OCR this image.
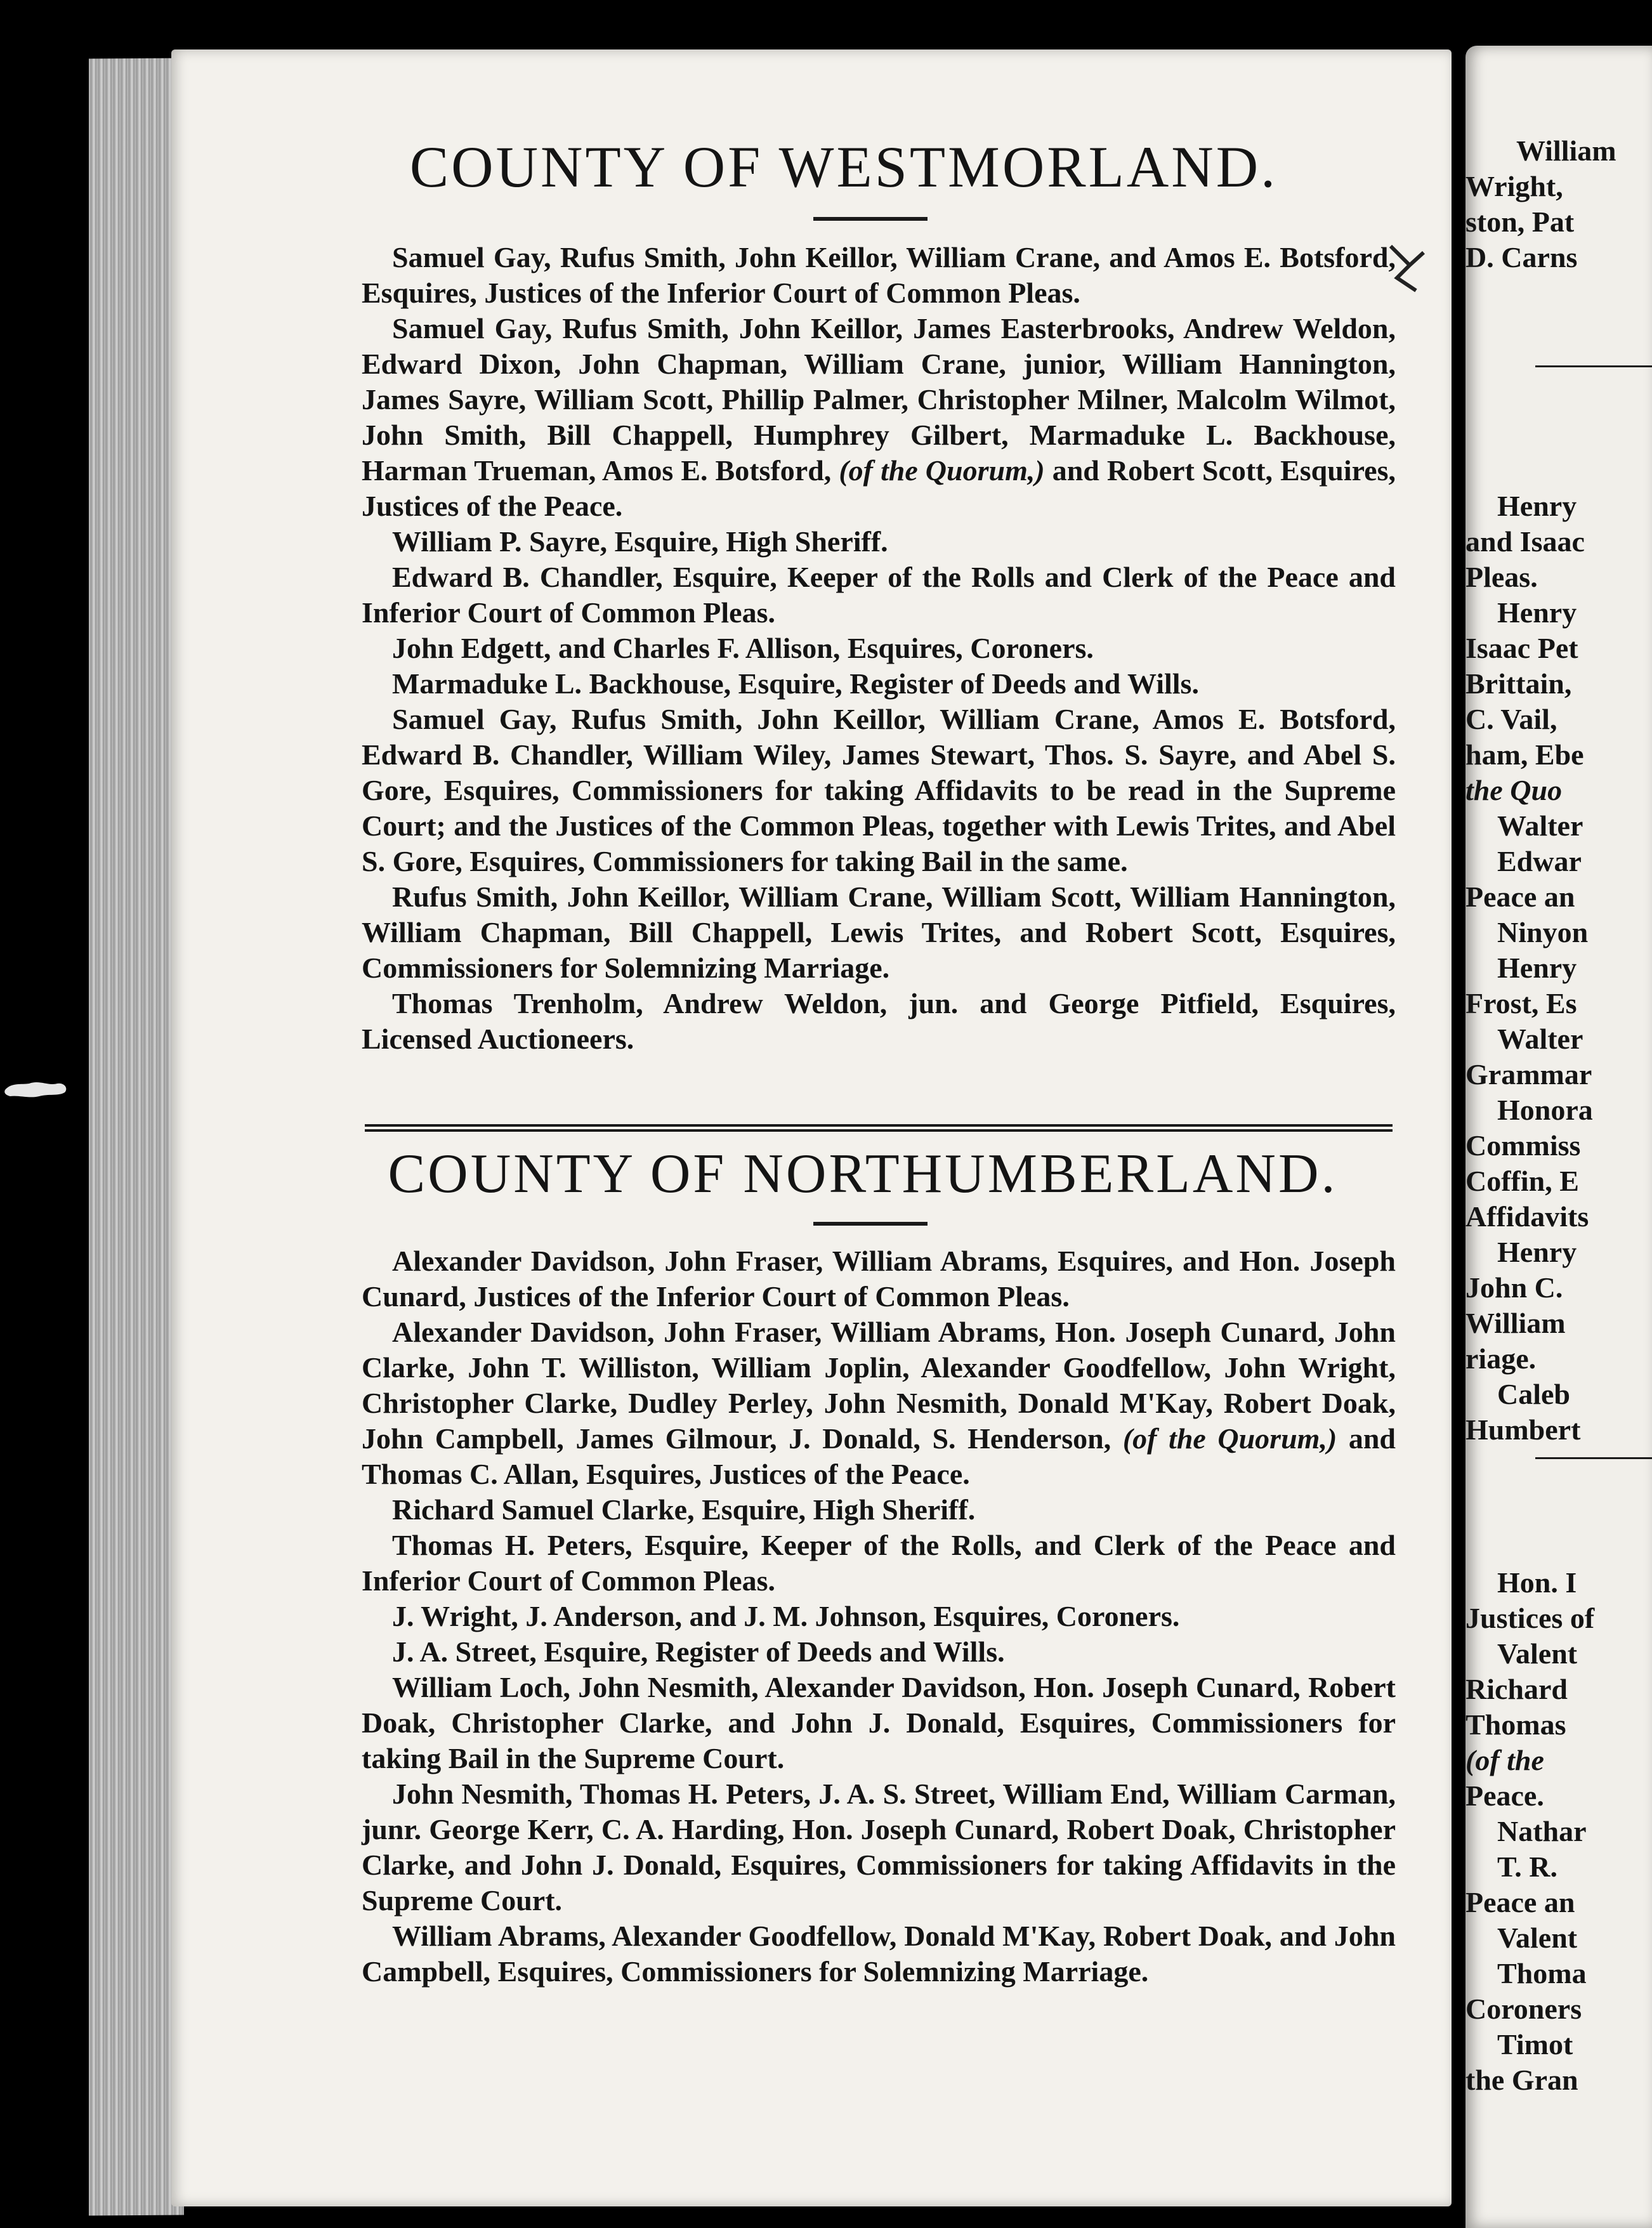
William
Wright,
ston, Pat
D. Carns
Henry
and Isaac
Pleas.
Henry
Isaac Pet
Brittain,
C. Vail,
ham, Ebe
the Quo
Walter
Edwar
Peace an
Ninyon
Henry
Frost, Es
Walter
Grammar
Honora
Commiss
Coffin, E
Affidavits
Henry
John C.
William
riage.
Caleb
Humbert
Hon. I
Justices of
Valent
Richard
Thomas
(of the
Peace.
Nathar
T. R.
Peace an
Valent
Thoma
Coroners
Timot
the Gran
COUNTY OF WESTMORLAND.

Samuel Gay, Rufus Smith, John Keillor, William Crane, and Amos E. Botsford, Esquires, Justices of the Inferior Court of Common Pleas.

Samuel Gay, Rufus Smith, John Keillor, James Easterbrooks, Andrew Weldon, Edward Dixon, John Chapman, William Crane, junior, William Hannington, James Sayre, William Scott, Phillip Palmer, Christopher Milner, Malcolm Wilmot, John Smith, Bill Chappell, Humphrey Gilbert, Marmaduke L. Backhouse, Harman Trueman, Amos E. Botsford, (of the Quorum,) and Robert Scott, Esquires, Justices of the Peace.

William P. Sayre, Esquire, High Sheriff.

Edward B. Chandler, Esquire, Keeper of the Rolls and Clerk of the Peace and Inferior Court of Common Pleas.

John Edgett, and Charles F. Allison, Esquires, Coroners.

Marmaduke L. Backhouse, Esquire, Register of Deeds and Wills.

Samuel Gay, Rufus Smith, John Keillor, William Crane, Amos E. Botsford, Edward B. Chandler, William Wiley, James Stewart, Thos. S. Sayre, and Abel S. Gore, Esquires, Commissioners for taking Affidavits to be read in the Supreme Court; and the Justices of the Common Pleas, together with Lewis Trites, and Abel S. Gore, Esquires, Commissioners for taking Bail in the same.

Rufus Smith, John Keillor, William Crane, William Scott, William Hannington, William Chapman, Bill Chappell, Lewis Trites, and Robert Scott, Esquires, Commissioners for Solemnizing Marriage.

Thomas Trenholm, Andrew Weldon, jun. and George Pitfield, Esquires, Licensed Auctioneers.

COUNTY OF NORTHUMBERLAND.

Alexander Davidson, John Fraser, William Abrams, Esquires, and Hon. Joseph Cunard, Justices of the Inferior Court of Common Pleas.

Alexander Davidson, John Fraser, William Abrams, Hon. Joseph Cunard, John Clarke, John T. Williston, William Joplin, Alexander Goodfellow, John Wright, Christopher Clarke, Dudley Perley, John Nesmith, Donald M'Kay, Robert Doak, John Campbell, James Gilmour, J. Donald, S. Henderson, (of the Quorum,) and Thomas C. Allan, Esquires, Justices of the Peace.

Richard Samuel Clarke, Esquire, High Sheriff.

Thomas H. Peters, Esquire, Keeper of the Rolls, and Clerk of the Peace and Inferior Court of Common Pleas.

J. Wright, J. Anderson, and J. M. Johnson, Esquires, Coroners.

J. A. Street, Esquire, Register of Deeds and Wills.

William Loch, John Nesmith, Alexander Davidson, Hon. Joseph Cunard, Robert Doak, Christopher Clarke, and John J. Donald, Esquires, Commissioners for taking Bail in the Supreme Court.

John Nesmith, Thomas H. Peters, J. A. S. Street, William End, William Carman, junr. George Kerr, C. A. Harding, Hon. Joseph Cunard, Robert Doak, Christopher Clarke, and John J. Donald, Esquires, Commissioners for taking Affidavits in the Supreme Court.

William Abrams, Alexander Goodfellow, Donald M'Kay, Robert Doak, and John Campbell, Esquires, Commissioners for Solemnizing Marriage.
